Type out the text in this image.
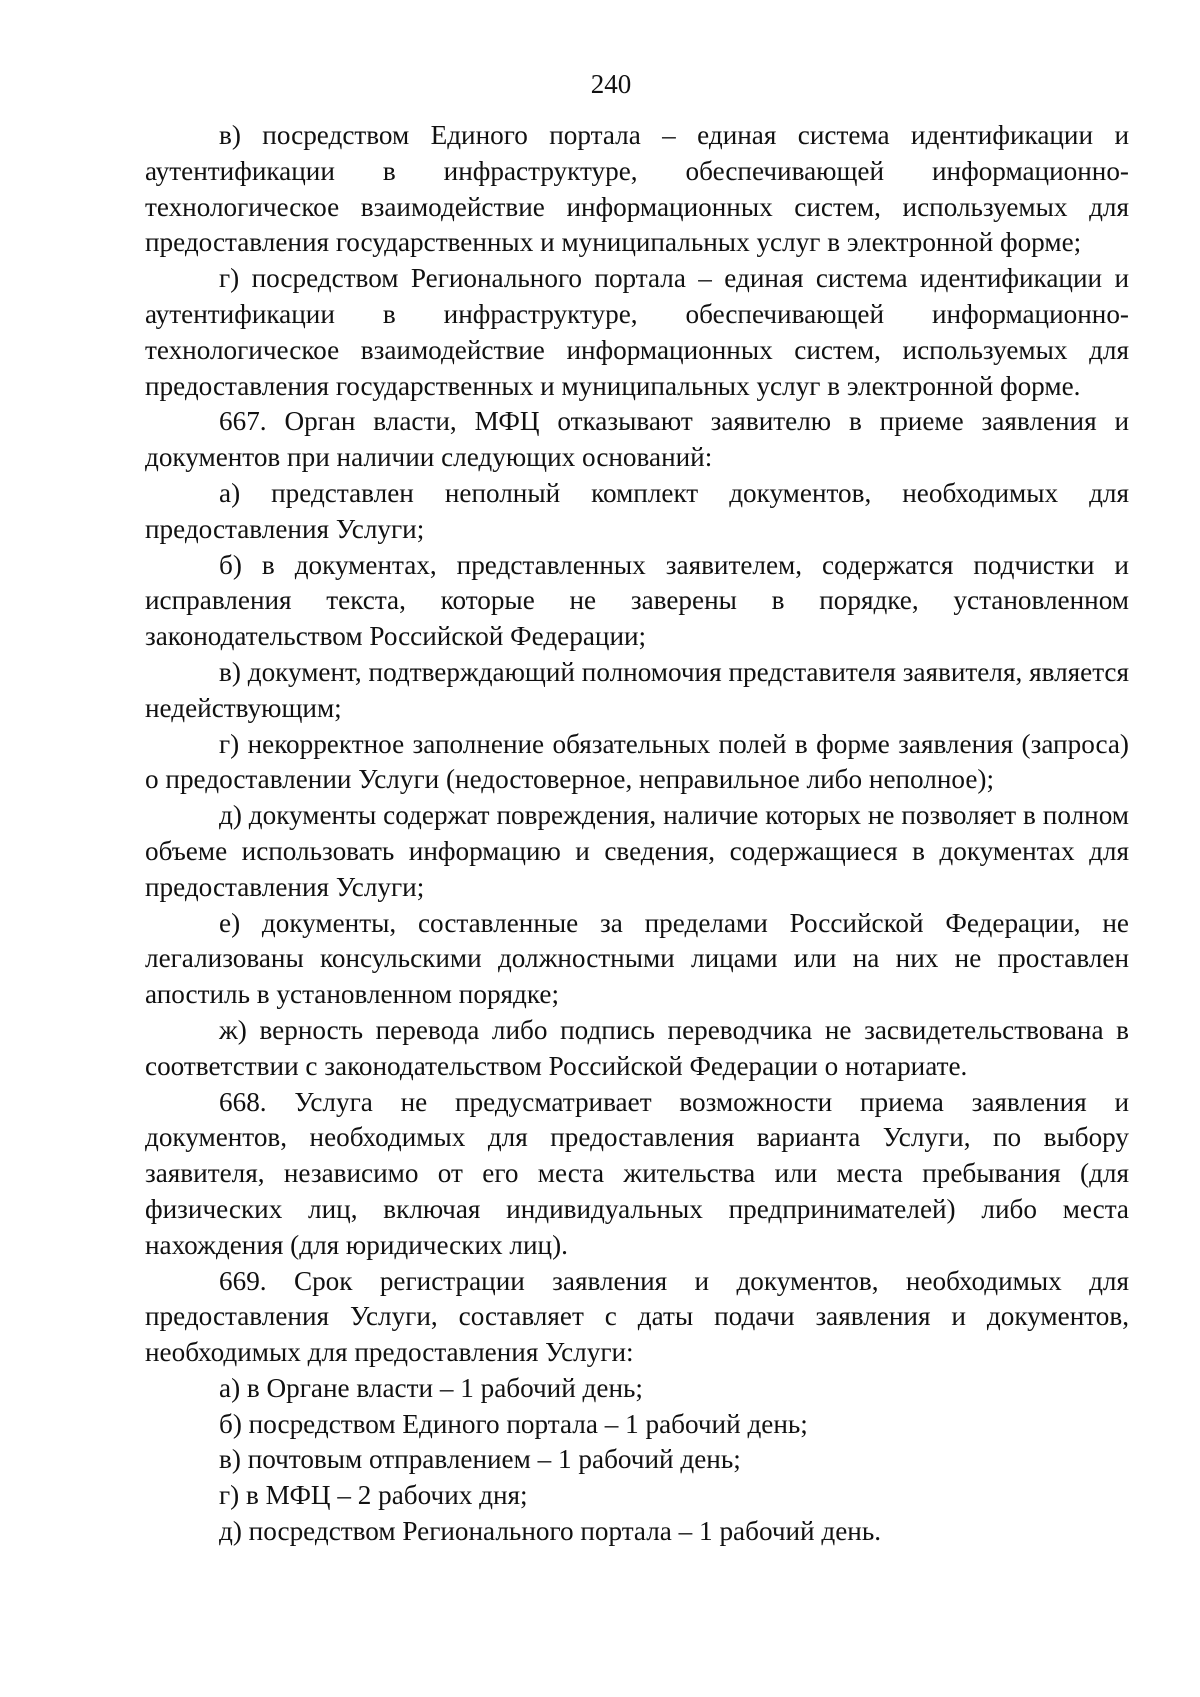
240

в) посредством Единого портала – единая система идентификации и аутентификации в инфраструктуре, обеспечивающей информационно-технологическое взаимодействие информационных систем, используемых для предоставления государственных и муниципальных услуг в электронной форме;

г) посредством Регионального портала – единая система идентификации и аутентификации в инфраструктуре, обеспечивающей информационно-технологическое взаимодействие информационных систем, используемых для предоставления государственных и муниципальных услуг в электронной форме.

667. Орган власти, МФЦ отказывают заявителю в приеме заявления и документов при наличии следующих оснований:

а) представлен неполный комплект документов, необходимых для предоставления Услуги;

б) в документах, представленных заявителем, содержатся подчистки и исправления текста, которые не заверены в порядке, установленном законодательством Российской Федерации;

в) документ, подтверждающий полномочия представителя заявителя, является недействующим;

г) некорректное заполнение обязательных полей в форме заявления (запроса) о предоставлении Услуги (недостоверное, неправильное либо неполное);

д) документы содержат повреждения, наличие которых не позволяет в полном объеме использовать информацию и сведения, содержащиеся в документах для предоставления Услуги;

е) документы, составленные за пределами Российской Федерации, не легализованы консульскими должностными лицами или на них не проставлен апостиль в установленном порядке;

ж) верность перевода либо подпись переводчика не засвидетельствована в соответствии с законодательством Российской Федерации о нотариате.

668. Услуга не предусматривает возможности приема заявления и документов, необходимых для предоставления варианта Услуги, по выбору заявителя, независимо от его места жительства или места пребывания (для физических лиц, включая индивидуальных предпринимателей) либо места нахождения (для юридических лиц).

669. Срок регистрации заявления и документов, необходимых для предоставления Услуги, составляет с даты подачи заявления и документов, необходимых для предоставления Услуги:

а) в Органе власти – 1 рабочий день;

б) посредством Единого портала – 1 рабочий день;

в) почтовым отправлением – 1 рабочий день;

г) в МФЦ – 2 рабочих дня;

д) посредством Регионального портала – 1 рабочий день.
